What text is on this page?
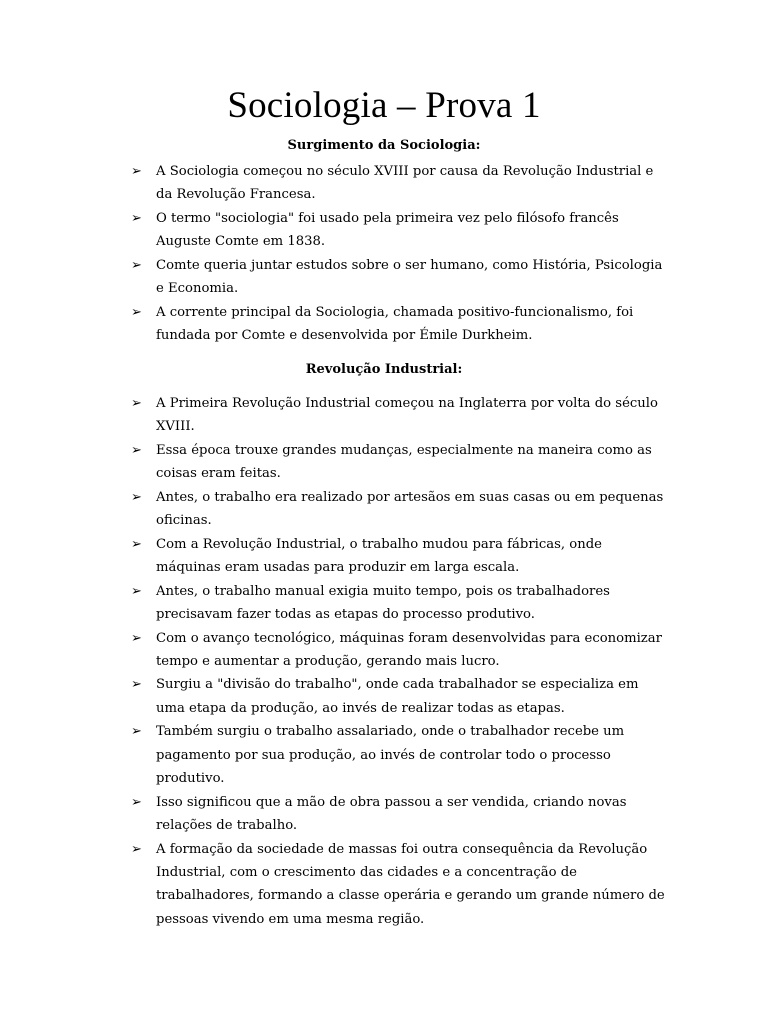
Sociologia – Prova 1
Surgimento da Sociologia:
➢ A Sociologia começou no século XVIII por causa da Revolução Industrial e da Revolução Francesa.
➢ O termo "sociologia" foi usado pela primeira vez pelo filósofo francês Auguste Comte em 1838.
➢ Comte queria juntar estudos sobre o ser humano, como História, Psicologia e Economia.
➢ A corrente principal da Sociologia, chamada positivo-funcionalismo, foi fundada por Comte e desenvolvida por Émile Durkheim.
Revolução Industrial:
➢ A Primeira Revolução Industrial começou na Inglaterra por volta do século XVIII.
➢ Essa época trouxe grandes mudanças, especialmente na maneira como as coisas eram feitas.
➢ Antes, o trabalho era realizado por artesãos em suas casas ou em pequenas oficinas.
➢ Com a Revolução Industrial, o trabalho mudou para fábricas, onde máquinas eram usadas para produzir em larga escala.
➢ Antes, o trabalho manual exigia muito tempo, pois os trabalhadores precisavam fazer todas as etapas do processo produtivo.
➢ Com o avanço tecnológico, máquinas foram desenvolvidas para economizar tempo e aumentar a produção, gerando mais lucro.
➢ Surgiu a "divisão do trabalho", onde cada trabalhador se especializa em uma etapa da produção, ao invés de realizar todas as etapas.
➢ Também surgiu o trabalho assalariado, onde o trabalhador recebe um pagamento por sua produção, ao invés de controlar todo o processo produtivo.
➢ Isso significou que a mão de obra passou a ser vendida, criando novas relações de trabalho.
➢ A formação da sociedade de massas foi outra consequência da Revolução Industrial, com o crescimento das cidades e a concentração de trabalhadores, formando a classe operária e gerando um grande número de pessoas vivendo em uma mesma região.
